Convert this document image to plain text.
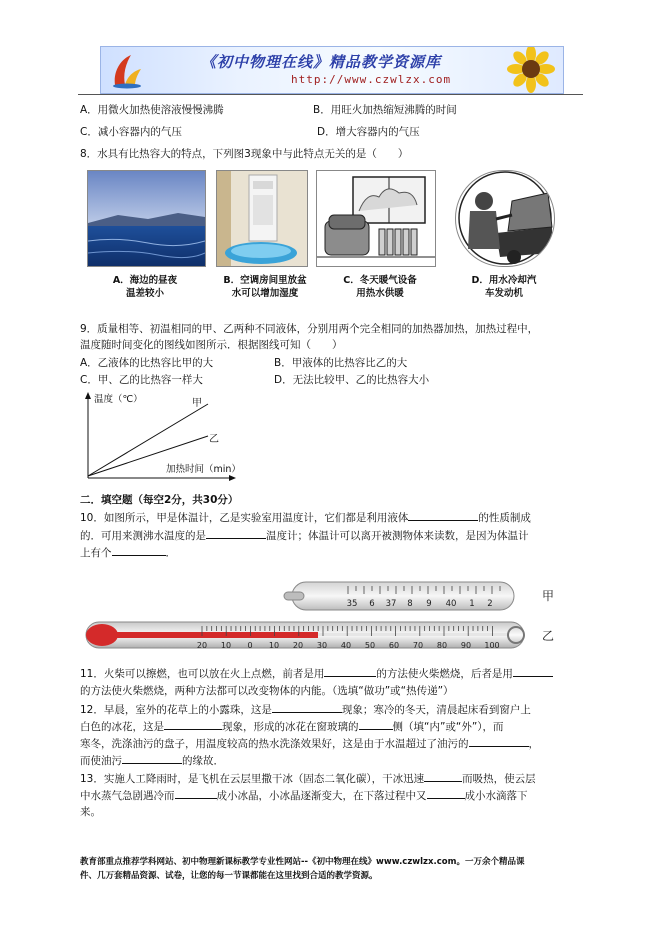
《初中物理在线》精品教学资源库
http://www.czwlzx.com
A．用微火加热使溶液慢慢沸腾	B．用旺火加热缩短沸腾的时间
C．减小容器内的气压	D．增大容器内的气压
8．水具有比热容大的特点，下列图3现象中与此特点无关的是（　　）
A．海边的昼夜
温差较小
B．空调房间里放盆
水可以增加湿度
C．冬天暖气设备
用热水供暖
D．用水冷却汽
车发动机
9．质量相等、初温相同的甲、乙两种不同液体，分别用两个完全相同的加热器加热，加热过程中，
温度随时间变化的图线如图所示．根据图线可知（　　）
A．乙液体的比热容比甲的大	B．甲液体的比热容比乙的大
C．甲、乙的比热容一样大	D．无法比较甲、乙的比热容大小
温度（℃）
加热时间（min）
甲
乙
二．填空题（每空2分，共30分）
10．如图所示，甲是体温计，乙是实验室用温度计，它们都是利用液体	的性质制成
的．可用来测沸水温度的是	温度计；体温计可以离开被测物体来读数，是因为体温计
上有个	．
35 6 37 8 9 40 1 2
甲
20 10 0 10 20 30 40 50 60 70 80 90 100
乙
11．火柴可以擦燃，也可以放在火上点燃，前者是用	的方法使火柴燃烧，后者是用
的方法使火柴燃烧，两种方法都可以改变物体的内能。（选填“做功”或“热传递”）
12．早晨，室外的花草上的小露珠，这是	现象；寒冷的冬天，清晨起床看到窗户上
白色的冰花，这是	现象，形成的冰花在窗玻璃的	侧（填“内”或“外”），而
寒冬，洗涤油污的盘子，用温度较高的热水洗涤效果好，这是由于水温超过了油污的	，
而使油污	的缘故．
13．实施人工降雨时，是飞机在云层里撒干冰（固态二氧化碳），干冰迅速	而吸热，使云层
中水蒸气急剧遇冷而	成小冰晶，小冰晶逐渐变大，在下落过程中又	成小水滴落下
来。
教育部重点推荐学科网站、初中物理新课标教学专业性网站--《初中物理在线》www.czwlzx.com。一万余个精品课
件、几万套精品资源、试卷，让您的每一节课都能在这里找到合适的教学资源。
